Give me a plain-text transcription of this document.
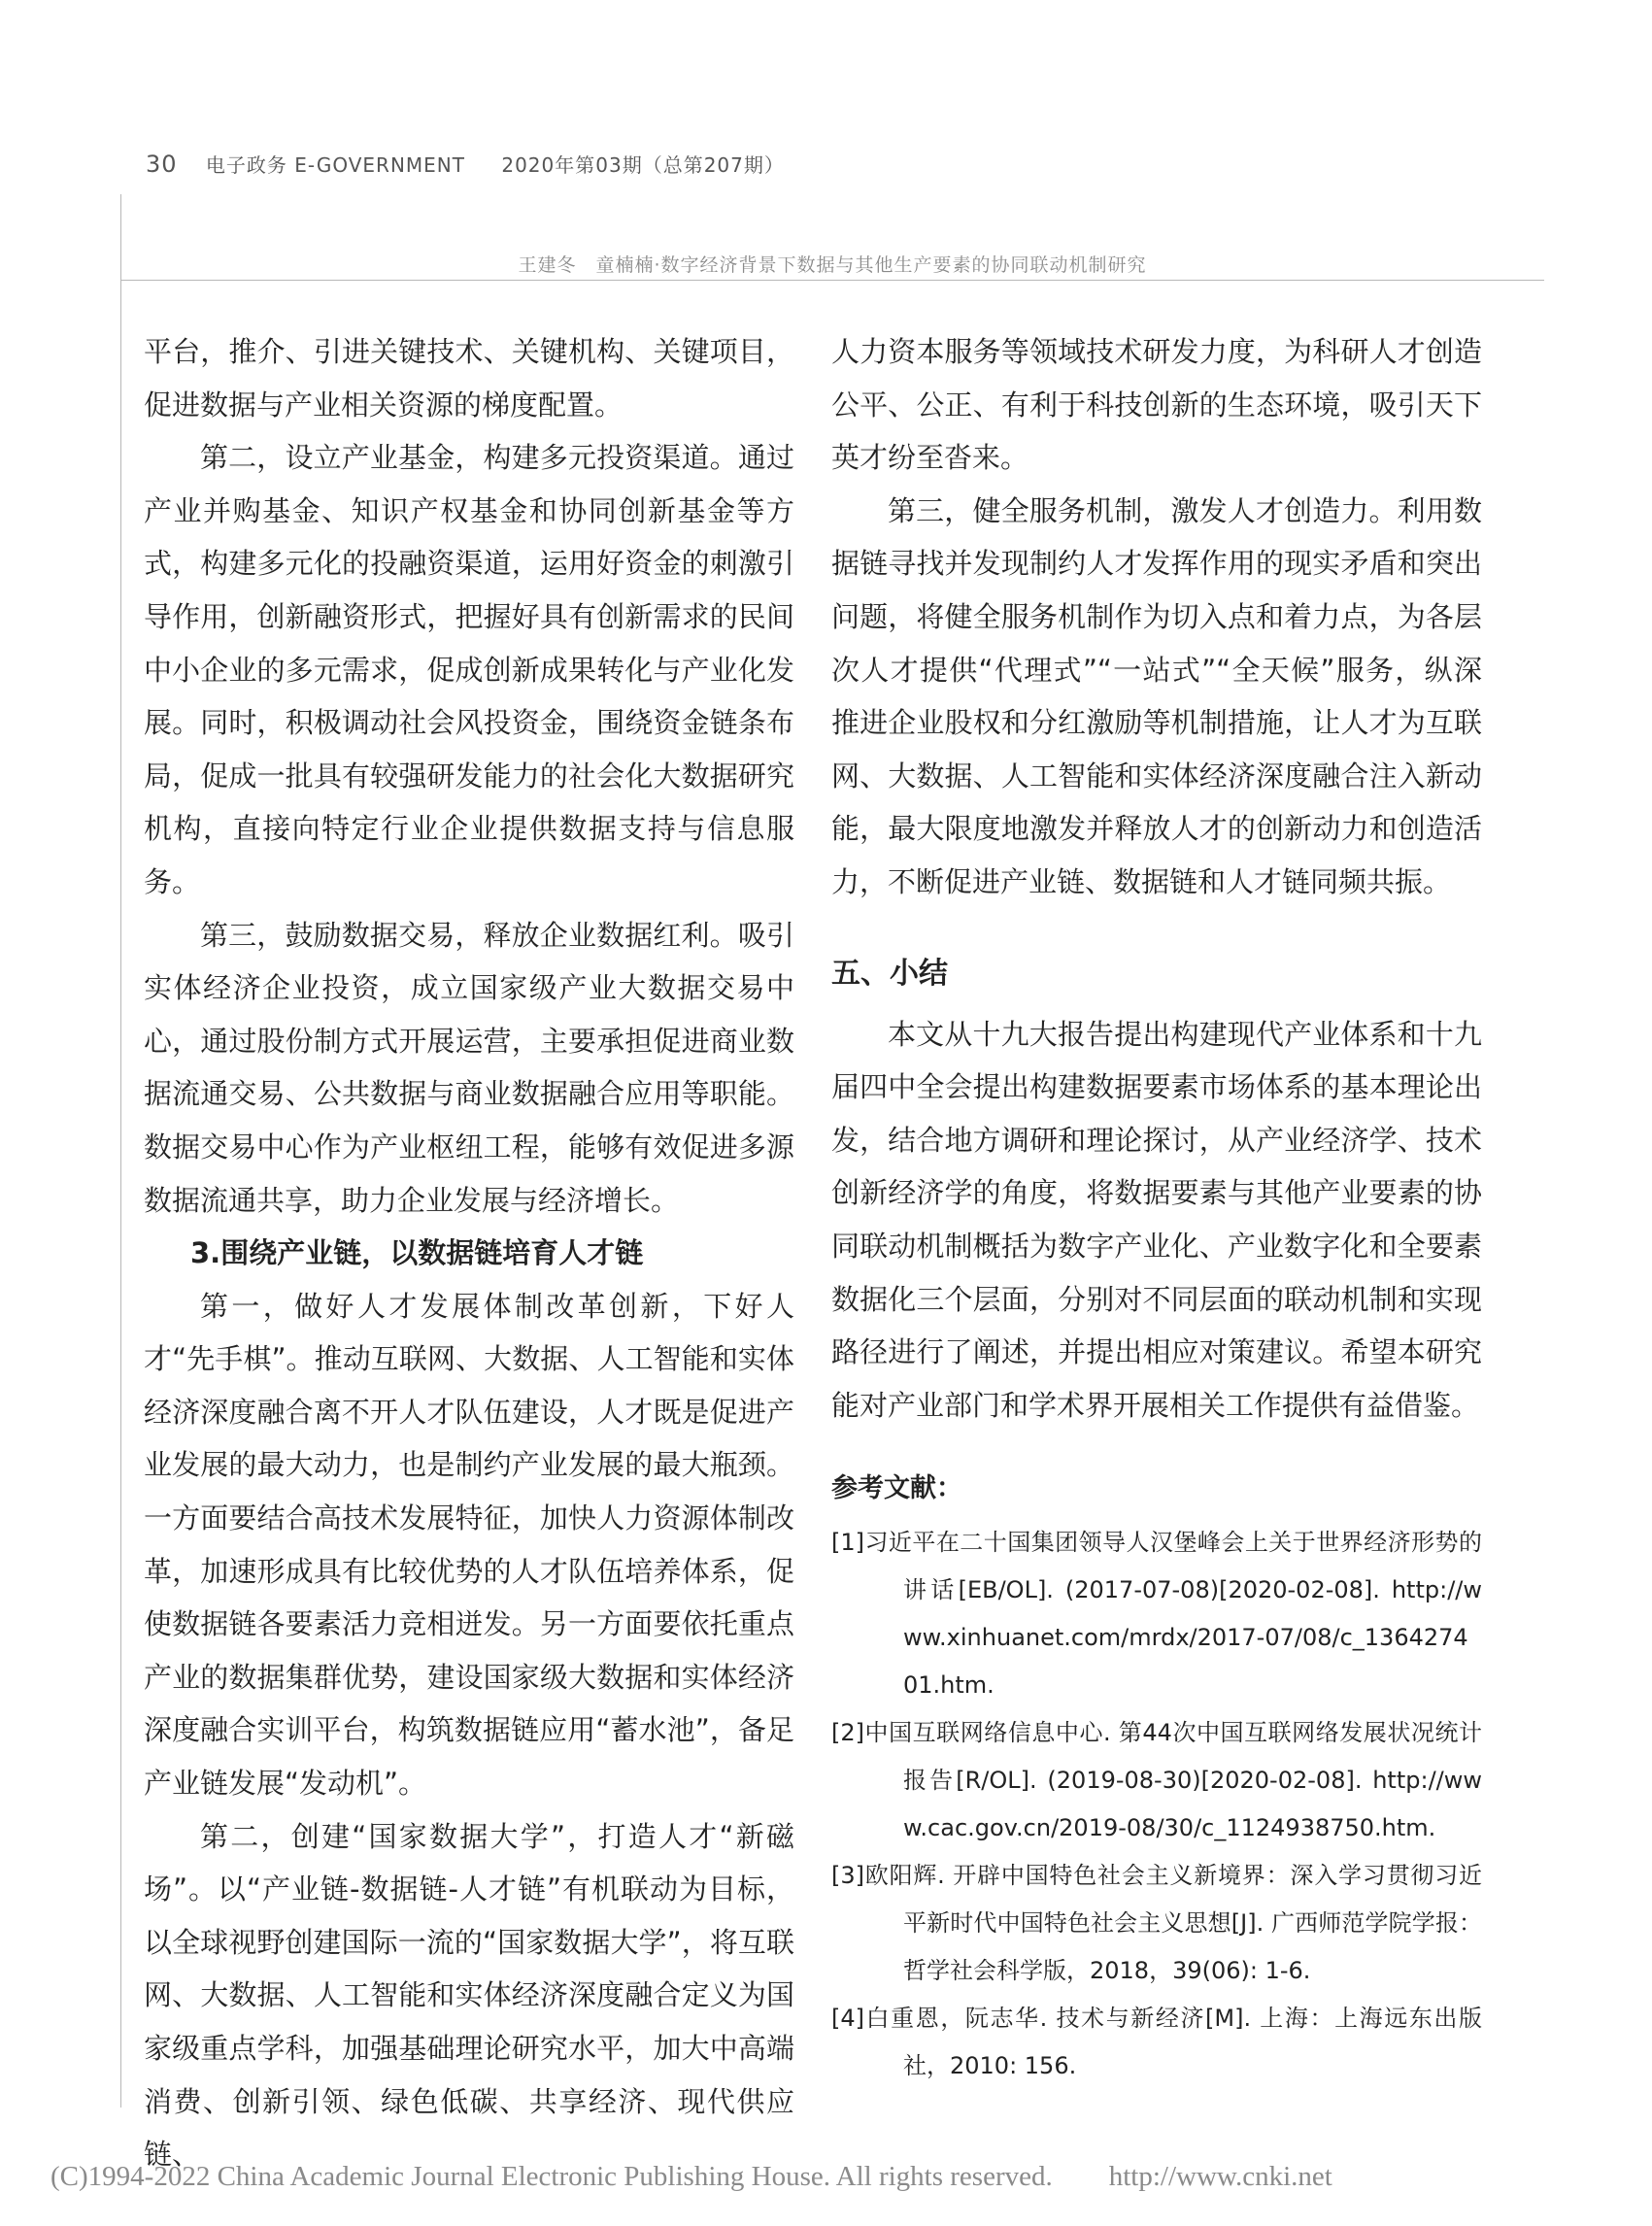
30 电子政务 E-GOVERNMENT 2020年第03期（总第207期）
王建冬　童楠楠·数字经济背景下数据与其他生产要素的协同联动机制研究

平台，推介、引进关键技术、关键机构、关键项目，促进数据与产业相关资源的梯度配置。

第二，设立产业基金，构建多元投资渠道。通过产业并购基金、知识产权基金和协同创新基金等方式，构建多元化的投融资渠道，运用好资金的刺激引导作用，创新融资形式，把握好具有创新需求的民间中小企业的多元需求，促成创新成果转化与产业化发展。同时，积极调动社会风投资金，围绕资金链条布局，促成一批具有较强研发能力的社会化大数据研究机构，直接向特定行业企业提供数据支持与信息服务。

第三，鼓励数据交易，释放企业数据红利。吸引实体经济企业投资，成立国家级产业大数据交易中心，通过股份制方式开展运营，主要承担促进商业数据流通交易、公共数据与商业数据融合应用等职能。数据交易中心作为产业枢纽工程，能够有效促进多源数据流通共享，助力企业发展与经济增长。

3.围绕产业链，以数据链培育人才链

第一，做好人才发展体制改革创新，下好人才“先手棋”。推动互联网、大数据、人工智能和实体经济深度融合离不开人才队伍建设，人才既是促进产业发展的最大动力，也是制约产业发展的最大瓶颈。一方面要结合高技术发展特征，加快人力资源体制改革，加速形成具有比较优势的人才队伍培养体系，促使数据链各要素活力竞相迸发。另一方面要依托重点产业的数据集群优势，建设国家级大数据和实体经济深度融合实训平台，构筑数据链应用“蓄水池”，备足产业链发展“发动机”。

第二，创建“国家数据大学”，打造人才“新磁场”。以“产业链-数据链-人才链”有机联动为目标，以全球视野创建国际一流的“国家数据大学”，将互联网、大数据、人工智能和实体经济深度融合定义为国家级重点学科，加强基础理论研究水平，加大中高端消费、创新引领、绿色低碳、共享经济、现代供应链、

人力资本服务等领域技术研发力度，为科研人才创造公平、公正、有利于科技创新的生态环境，吸引天下英才纷至沓来。

第三，健全服务机制，激发人才创造力。利用数据链寻找并发现制约人才发挥作用的现实矛盾和突出问题，将健全服务机制作为切入点和着力点，为各层次人才提供“代理式”“一站式”“全天候”服务，纵深推进企业股权和分红激励等机制措施，让人才为互联网、大数据、人工智能和实体经济深度融合注入新动能，最大限度地激发并释放人才的创新动力和创造活力，不断促进产业链、数据链和人才链同频共振。

五、小结

本文从十九大报告提出构建现代产业体系和十九届四中全会提出构建数据要素市场体系的基本理论出发，结合地方调研和理论探讨，从产业经济学、技术创新经济学的角度，将数据要素与其他产业要素的协同联动机制概括为数字产业化、产业数字化和全要素数据化三个层面，分别对不同层面的联动机制和实现路径进行了阐述，并提出相应对策建议。希望本研究能对产业部门和学术界开展相关工作提供有益借鉴。

参考文献：
[1]习近平在二十国集团领导人汉堡峰会上关于世界经济形势的讲话[EB/OL]. (2017-07-08)[2020-02-08]. http://www.xinhuanet.com/mrdx/2017-07/08/c_136427401.htm.
[2]中国互联网络信息中心. 第44次中国互联网络发展状况统计报告[R/OL]. (2019-08-30)[2020-02-08]. http://www.cac.gov.cn/2019-08/30/c_1124938750.htm.
[3]欧阳辉. 开辟中国特色社会主义新境界：深入学习贯彻习近平新时代中国特色社会主义思想[J]. 广西师范学院学报：哲学社会科学版，2018，39(06): 1-6.
[4]白重恩，阮志华. 技术与新经济[M]. 上海：上海远东出版社，2010: 156.
(C)1994-2022 China Academic Journal Electronic Publishing House. All rights reserved.　　http://www.cnki.net
